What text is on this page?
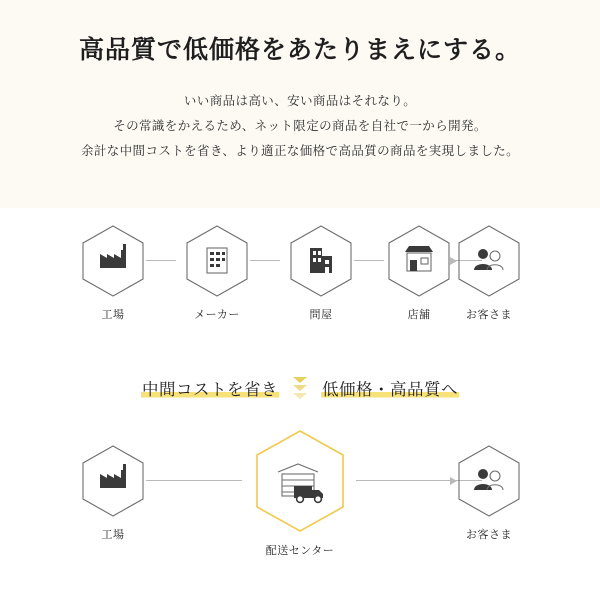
高品質で低価格をあたりまえにする。
いい商品は高い、安い商品はそれなり。
その常識をかえるため、ネット限定の商品を自社で一から開発。
余計な中間コストを省き、より適正な価格で高品質の商品を実現しました。
工場	メーカー	問屋	店舗	お客さま
中間コストを省き	低価格・高品質へ
工場
配送センター
お客さま
